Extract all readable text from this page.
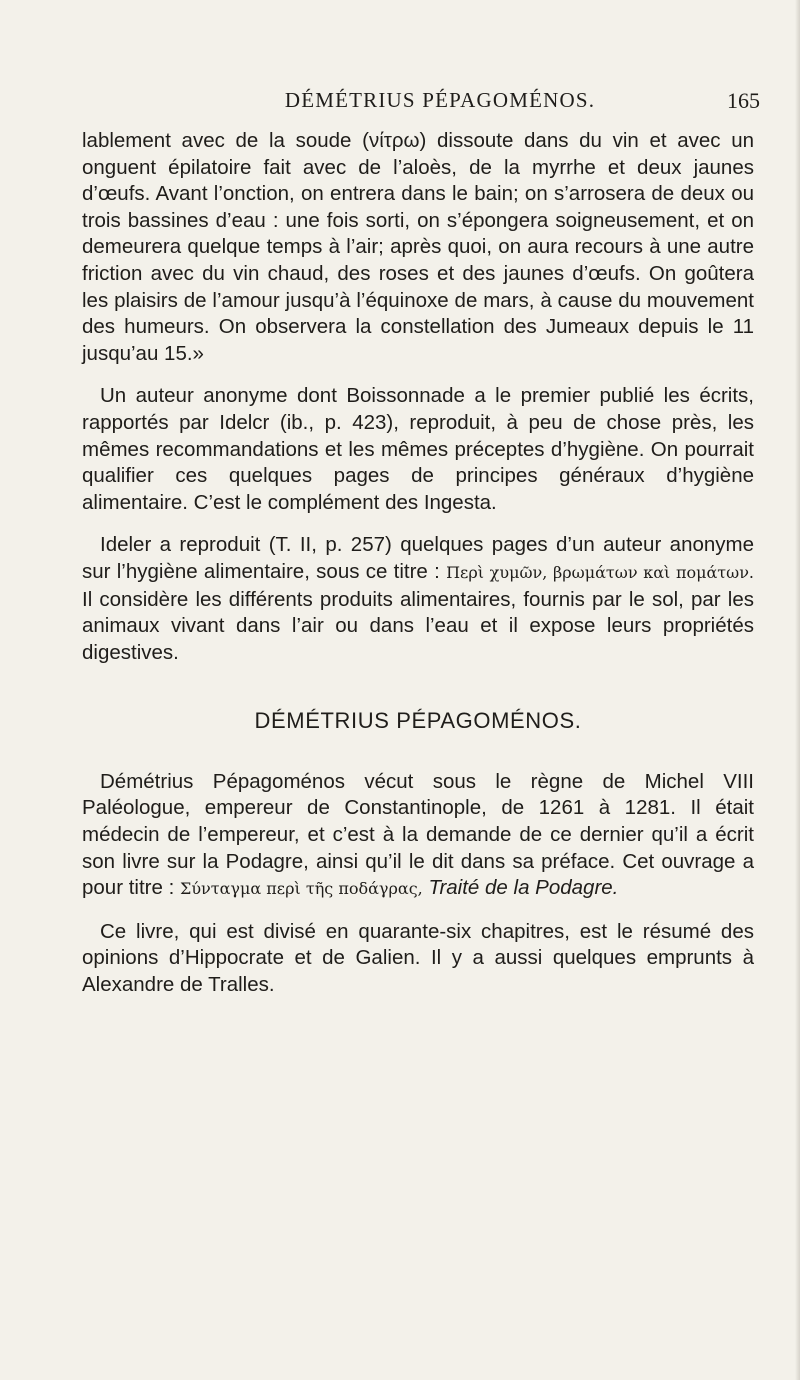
DÉMÉTRIUS PÉPAGOMÉNOS.	165

lablement avec de la soude (νίτρω) dissoute dans du vin et avec un onguent épilatoire fait avec de l’aloès, de la myrrhe et deux jaunes d’œufs. Avant l’onction, on entrera dans le bain; on s’arrosera de deux ou trois bassines d’eau : une fois sorti, on s’épongera soigneusement, et on demeurera quelque temps à l’air; après quoi, on aura recours à une autre friction avec du vin chaud, des roses et des jaunes d’œufs. On goûtera les plaisirs de l’amour jusqu’à l’équinoxe de mars, à cause du mouvement des humeurs. On observera la constellation des Jumeaux depuis le 11 jusqu’au 15.»

Un auteur anonyme dont Boissonnade a le premier publié les écrits, rapportés par Idelcr (ib., p. 423), reproduit, à peu de chose près, les mêmes recommandations et les mêmes préceptes d’hygiène. On pourrait qualifier ces quelques pages de principes généraux d’hygiène alimentaire. C’est le complément des Ingesta.

Ideler a reproduit (T. II, p. 257) quelques pages d’un auteur anonyme sur l’hygiène alimentaire, sous ce titre : Περὶ χυμῶν, βρωμάτων καὶ πομάτων. Il considère les différents produits alimentaires, fournis par le sol, par les animaux vivant dans l’air ou dans l’eau et il expose leurs propriétés digestives.

DÉMÉTRIUS PÉPAGOMÉNOS.

Démétrius Pépagoménos vécut sous le règne de Michel VIII Paléologue, empereur de Constantinople, de 1261 à 1281. Il était médecin de l’empereur, et c’est à la demande de ce dernier qu’il a écrit son livre sur la Podagre, ainsi qu’il le dit dans sa préface. Cet ouvrage a pour titre : Σύνταγμα περὶ τῆς ποδάγρας, Traité de la Podagre.

Ce livre, qui est divisé en quarante-six chapitres, est le résumé des opinions d’Hippocrate et de Galien. Il y a aussi quelques emprunts à Alexandre de Tralles.
